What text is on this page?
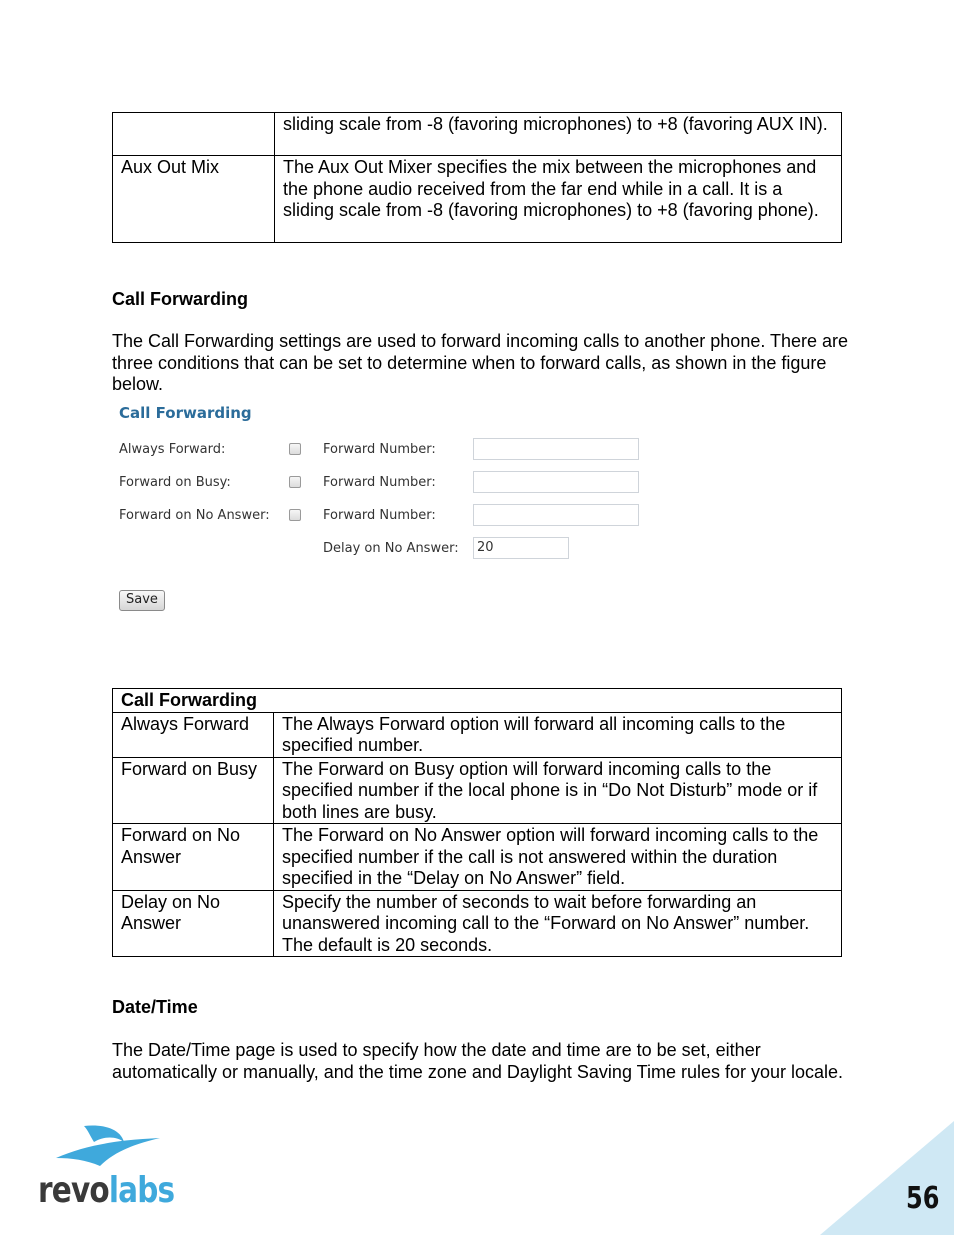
	sliding scale from -8 (favoring microphones) to +8 (favoring AUX IN).
Aux Out Mix	The Aux Out Mixer specifies the mix between the microphones and the phone audio received from the far end while in a call. It is a sliding scale from -8 (favoring microphones) to +8 (favoring phone).
Call Forwarding
The Call Forwarding settings are used to forward incoming calls to another phone. There are three conditions that can be set to determine when to forward calls, as shown in the figure below.
Call Forwarding
Always Forward:	Forward Number:
Forward on Busy:	Forward Number:
Forward on No Answer:	Forward Number:
Delay on No Answer:	20
Save
Call Forwarding	
Always Forward	The Always Forward option will forward all incoming calls to the specified number.
Forward on Busy	The Forward on Busy option will forward incoming calls to the specified number if the local phone is in “Do Not Disturb” mode or if both lines are busy.
Forward on No Answer	The Forward on No Answer option will forward incoming calls to the specified number if the call is not answered within the duration specified in the “Delay on No Answer” field.
Delay on No Answer	Specify the number of seconds to wait before forwarding an unanswered incoming call to the “Forward on No Answer” number. The default is 20 seconds.
Date/Time
The Date/Time page is used to specify how the date and time are to be set, either automatically or manually, and the time zone and Daylight Saving Time rules for your locale.
revolabs	56
